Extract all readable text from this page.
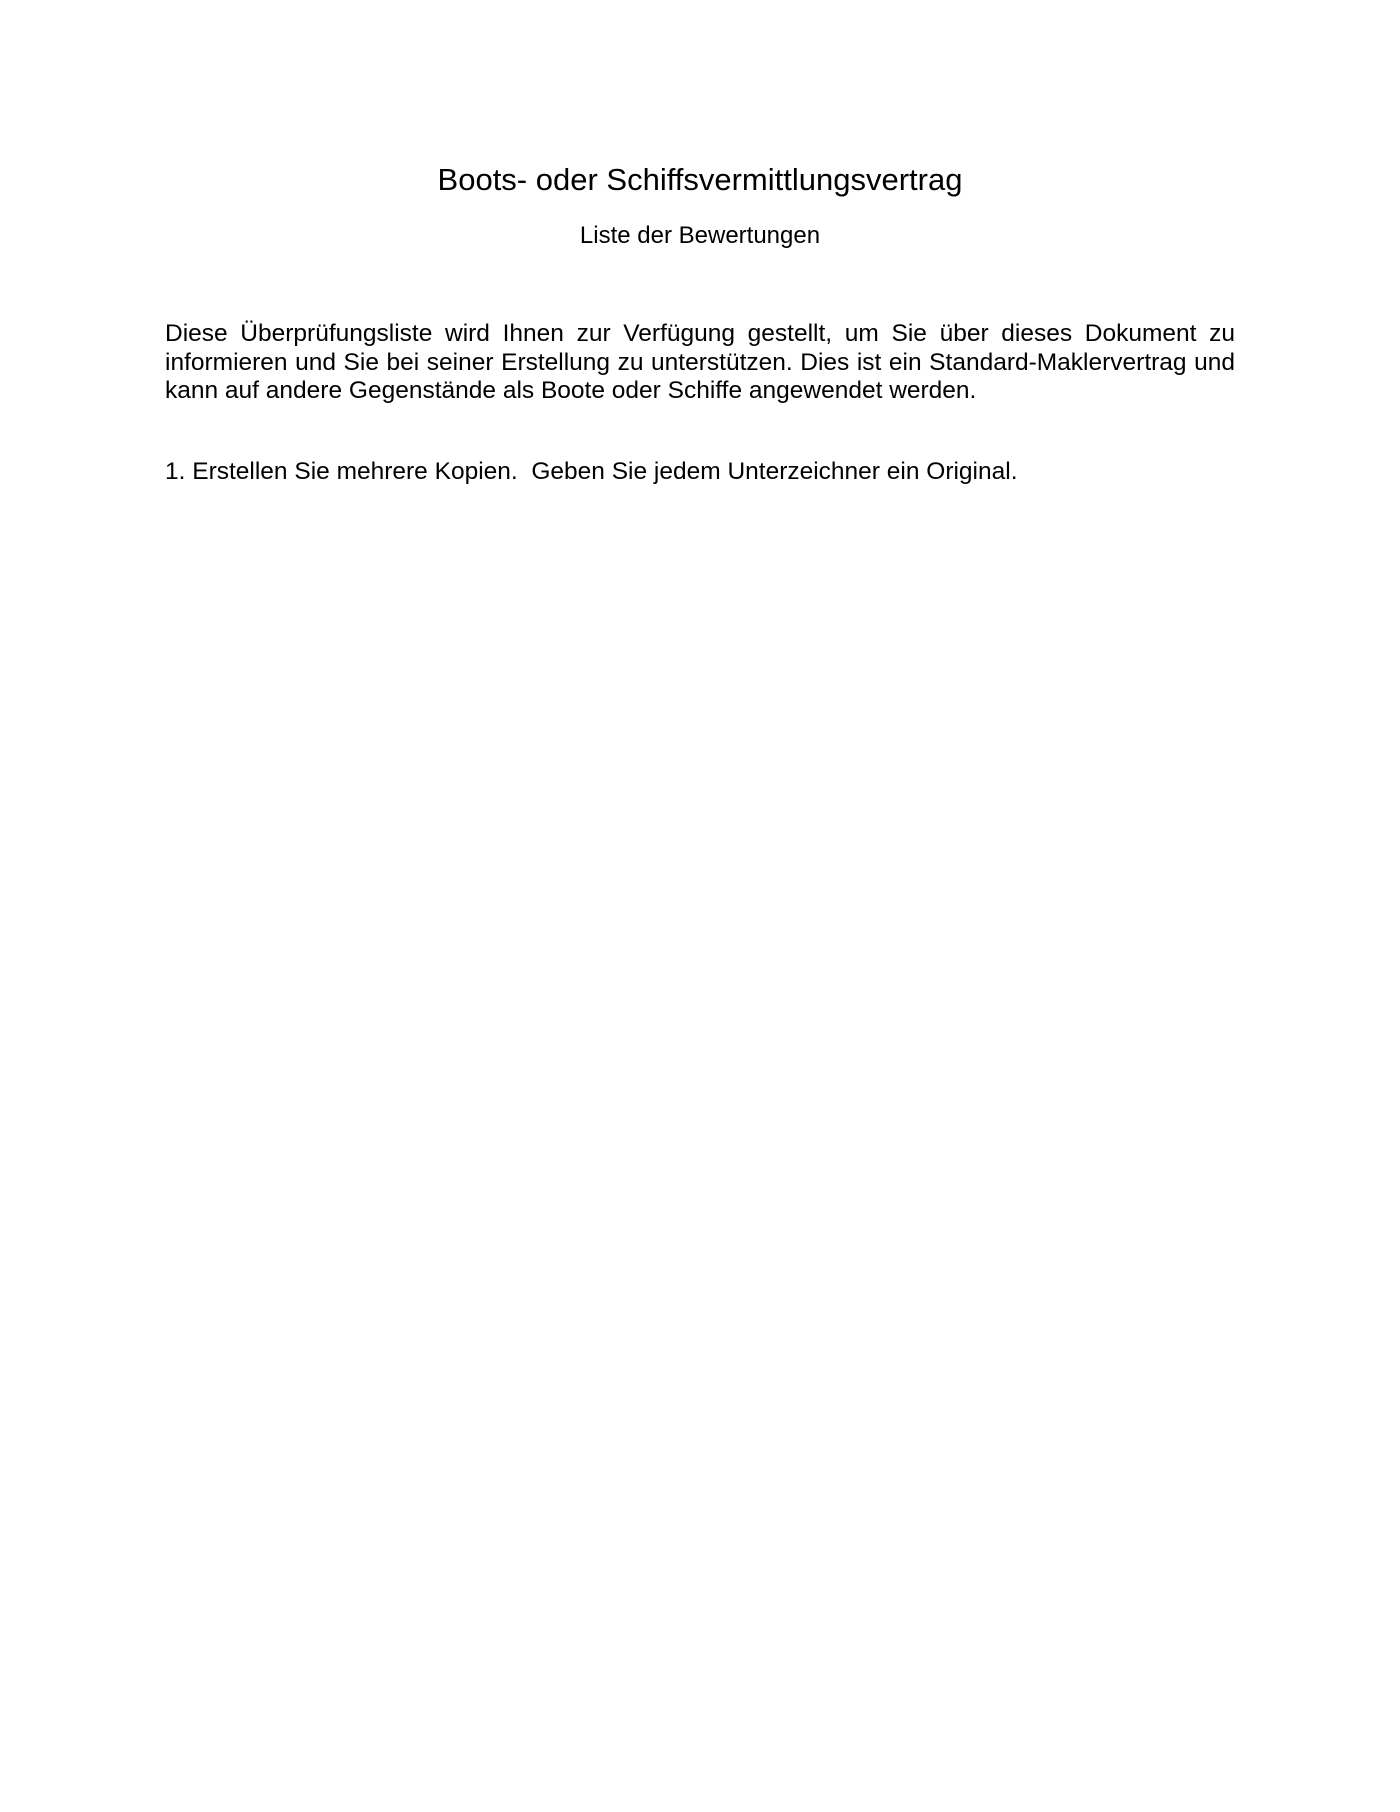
Boots- oder Schiffsvermittlungsvertrag
Liste der Bewertungen

Diese Überprüfungsliste wird Ihnen zur Verfügung gestellt, um Sie über dieses Dokument zu informieren und Sie bei seiner Erstellung zu unterstützen. Dies ist ein Standard-Maklervertrag und kann auf andere Gegenstände als Boote oder Schiffe angewendet werden.

1. Erstellen Sie mehrere Kopien.  Geben Sie jedem Unterzeichner ein Original.
